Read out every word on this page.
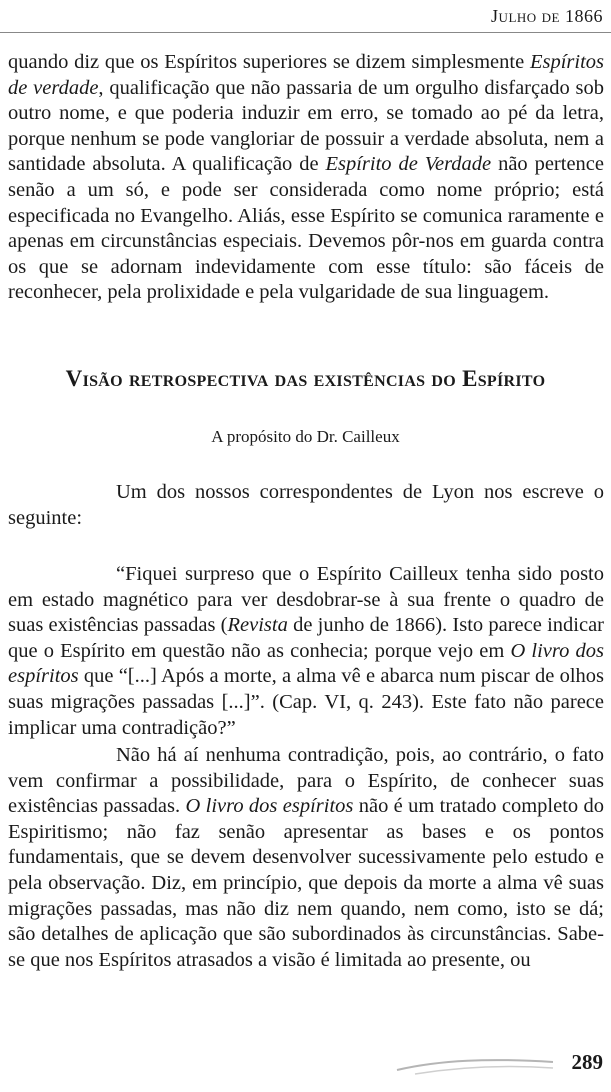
Julho de 1866

quando diz que os Espíritos superiores se dizem simplesmente Espíritos de verdade, qualificação que não passaria de um orgulho disfarçado sob outro nome, e que poderia induzir em erro, se tomado ao pé da letra, porque nenhum se pode vangloriar de possuir a verdade absoluta, nem a santidade absoluta. A qualificação de Espírito de Verdade não pertence senão a um só, e pode ser considerada como nome próprio; está especificada no Evangelho. Aliás, esse Espírito se comunica raramente e apenas em circunstâncias especiais. Devemos pôr-nos em guarda contra os que se adornam indevidamente com esse título: são fáceis de reconhecer, pela prolixidade e pela vulgaridade de sua linguagem.

Visão retrospectiva das existências do Espírito

A propósito do Dr. Cailleux

Um dos nossos correspondentes de Lyon nos escreve o seguinte:

“Fiquei surpreso que o Espírito Cailleux tenha sido posto em estado magnético para ver desdobrar-se à sua frente o quadro de suas existências passadas (Revista de junho de 1866). Isto parece indicar que o Espírito em questão não as conhecia; porque vejo em O livro dos espíritos que “[...] Após a morte, a alma vê e abarca num piscar de olhos suas migrações passadas [...]”. (Cap. VI, q. 243). Este fato não parece implicar uma contradição?”

Não há aí nenhuma contradição, pois, ao contrário, o fato vem confirmar a possibilidade, para o Espírito, de conhecer suas existências passadas. O livro dos espíritos não é um tratado completo do Espiritismo; não faz senão apresentar as bases e os pontos fundamentais, que se devem desenvolver sucessivamente pelo estudo e pela observação. Diz, em princípio, que depois da morte a alma vê suas migrações passadas, mas não diz nem quando, nem como, isto se dá; são detalhes de aplicação que são subordinados às circunstâncias. Sabe-se que nos Espíritos atrasados a visão é limitada ao presente, ou

289
